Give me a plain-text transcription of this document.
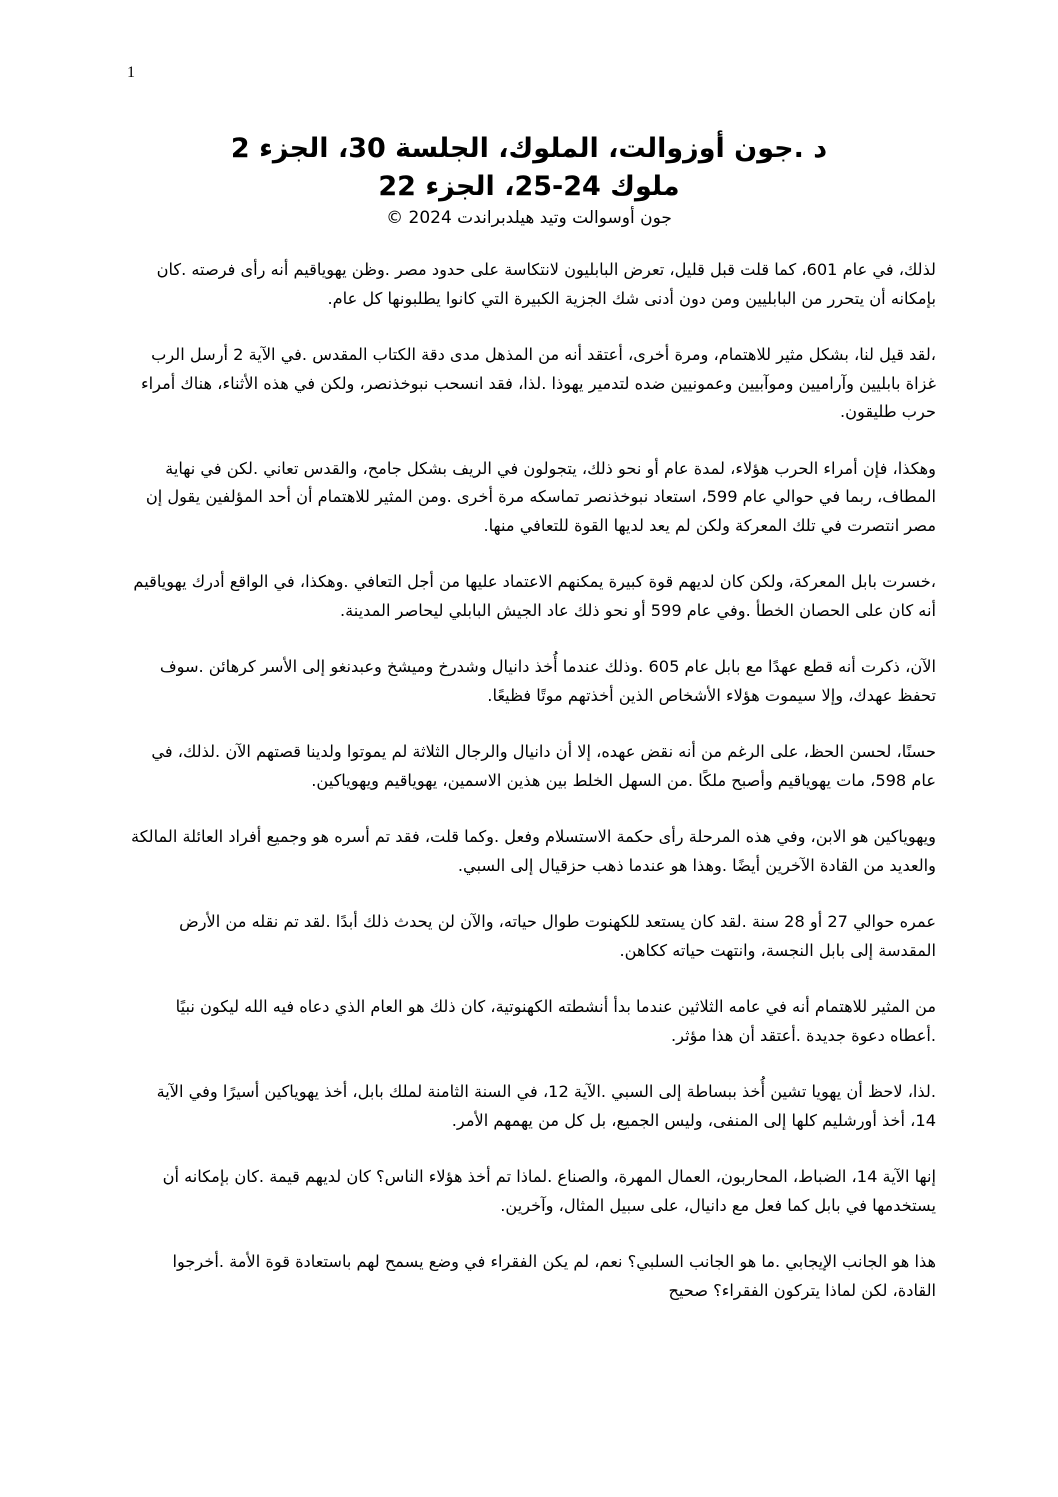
1

د .جون أوزوالت، الملوك، الجلسة 30، الجزء 2

ملوك 24-25، الجزء 22

جون أوسوالت وتيد هيلدبراندت 2024 ©

لذلك، في عام 601، كما قلت قبل قليل، تعرض البابليون لانتكاسة على حدود مصر .وظن يهوياقيم أنه رأى فرصته .كان بإمكانه أن يتحرر من البابليين ومن دون أدنى شك الجزية الكبيرة التي كانوا يطلبونها كل عام.

،لقد قيل لنا، بشكل مثير للاهتمام، ومرة أخرى، أعتقد أنه من المذهل مدى دقة الكتاب المقدس .في الآية 2 أرسل الرب غزاة بابليين وآراميين وموآبيين وعمونيين ضده لتدمير يهوذا .لذا، فقد انسحب نبوخذنصر، ولكن في هذه الأثناء، هناك أمراء حرب طليقون.

وهكذا، فإن أمراء الحرب هؤلاء، لمدة عام أو نحو ذلك، يتجولون في الريف بشكل جامح، والقدس تعاني .لكن في نهاية المطاف، ربما في حوالي عام 599، استعاد نبوخذنصر تماسكه مرة أخرى .ومن المثير للاهتمام أن أحد المؤلفين يقول إن مصر انتصرت في تلك المعركة ولكن لم يعد لديها القوة للتعافي منها.

،خسرت بابل المعركة، ولكن كان لديهم قوة كبيرة يمكنهم الاعتماد عليها من أجل التعافي .وهكذا، في الواقع أدرك يهوياقيم أنه كان على الحصان الخطأ .وفي عام 599 أو نحو ذلك عاد الجيش البابلي ليحاصر المدينة.

الآن، ذكرت أنه قطع عهدًا مع بابل عام 605 .وذلك عندما أُخذ دانيال وشدرخ وميشخ وعبدنغو إلى الأسر كرهائن .سوف تحفظ عهدك، وإلا سيموت هؤلاء الأشخاص الذين أخذتهم موتًا فظيعًا.

حسنًا، لحسن الحظ، على الرغم من أنه نقض عهده، إلا أن دانيال والرجال الثلاثة لم يموتوا ولدينا قصتهم الآن .لذلك، في عام 598، مات يهوياقيم وأصبح ملكًا .من السهل الخلط بين هذين الاسمين، يهوياقيم ويهوياكين.

ويهوياكين هو الابن، وفي هذه المرحلة رأى حكمة الاستسلام وفعل .وكما قلت، فقد تم أسره هو وجميع أفراد العائلة المالكة والعديد من القادة الآخرين أيضًا .وهذا هو عندما ذهب حزقيال إلى السبي.

عمره حوالي 27 أو 28 سنة .لقد كان يستعد للكهنوت طوال حياته، والآن لن يحدث ذلك أبدًا .لقد تم نقله من الأرض المقدسة إلى بابل النجسة، وانتهت حياته ككاهن.

من المثير للاهتمام أنه في عامه الثلاثين عندما بدأ أنشطته الكهنوتية، كان ذلك هو العام الذي دعاه فيه الله ليكون نبيًا .أعطاه دعوة جديدة .أعتقد أن هذا مؤثر.

.لذا، لاحظ أن يهويا تشين أُخذ ببساطة إلى السبي .الآية 12، في السنة الثامنة لملك بابل، أخذ يهوياكين أسيرًا وفي الآية 14، أخذ أورشليم كلها إلى المنفى، وليس الجميع، بل كل من يهمهم الأمر.

إنها الآية 14، الضباط، المحاربون، العمال المهرة، والصناع .لماذا تم أخذ هؤلاء الناس؟ كان لديهم قيمة .كان بإمكانه أن يستخدمها في بابل كما فعل مع دانيال، على سبيل المثال، وآخرين.

هذا هو الجانب الإيجابي .ما هو الجانب السلبي؟ نعم، لم يكن الفقراء في وضع يسمح لهم باستعادة قوة الأمة .أخرجوا القادة، لكن لماذا يتركون الفقراء؟ صحيح
